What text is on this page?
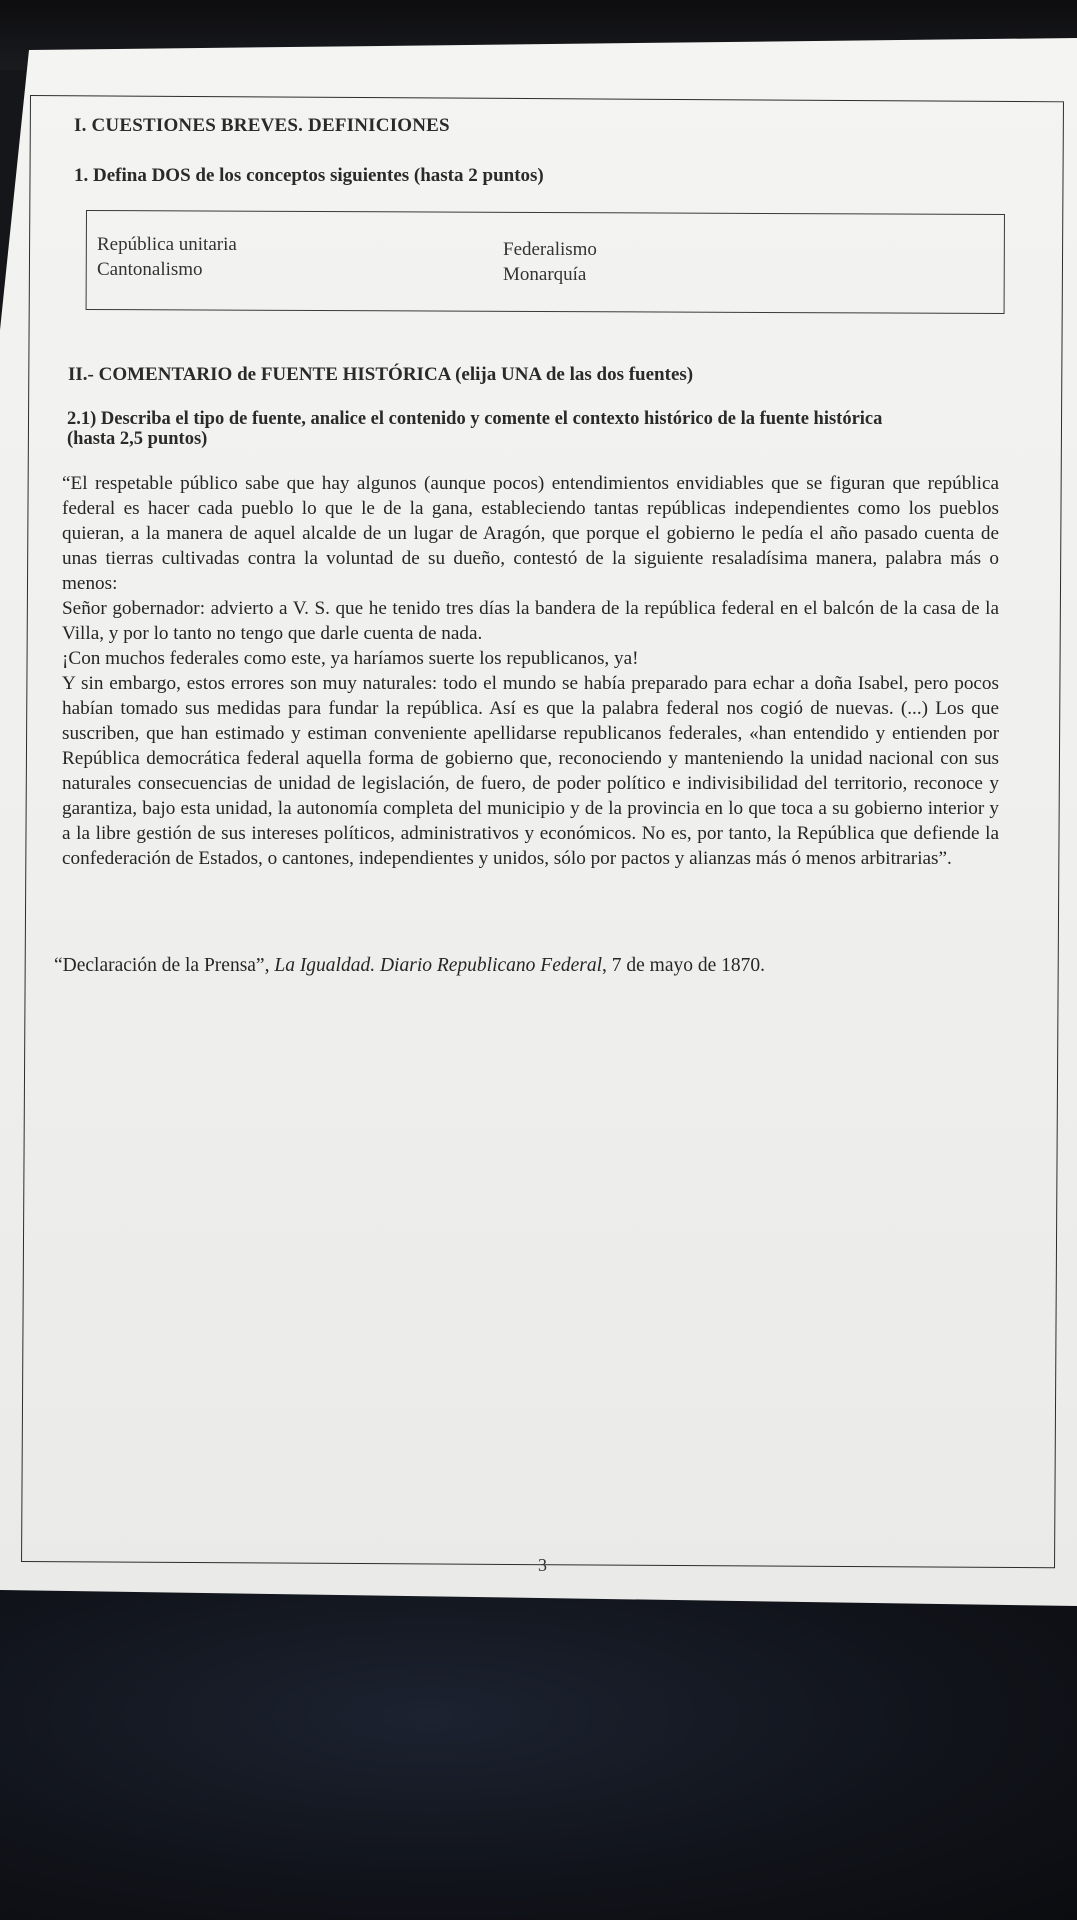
I. CUESTIONES BREVES. DEFINICIONES
1. Defina DOS de los conceptos siguientes (hasta 2 puntos)
República unitaria
Cantonalismo
Federalismo
Monarquía
II.- COMENTARIO de FUENTE HISTÓRICA (elija UNA de las dos fuentes)
2.1) Describa el tipo de fuente, analice el contenido y comente el contexto histórico de la fuente histórica
(hasta 2,5 puntos)

“El respetable público sabe que hay algunos (aunque pocos) entendimientos envidiables que se figuran que república federal es hacer cada pueblo lo que le de la gana, estableciendo tantas repúblicas independientes como los pueblos quieran, a la manera de aquel alcalde de un lugar de Aragón, que porque el gobierno le pedía el año pasado cuenta de unas tierras cultivadas contra la voluntad de su dueño, contestó de la siguiente resaladísima manera, palabra más o menos:

Señor gobernador: advierto a V. S. que he tenido tres días la bandera de la república federal en el balcón de la casa de la Villa, y por lo tanto no tengo que darle cuenta de nada.

¡Con muchos federales como este, ya haríamos suerte los republicanos, ya!

Y sin embargo, estos errores son muy naturales: todo el mundo se había preparado para echar a doña Isabel, pero pocos habían tomado sus medidas para fundar la república. Así es que la palabra federal nos cogió de nuevas. (...) Los que suscriben, que han estimado y estiman conveniente apellidarse republicanos federales, «han entendido y entienden por República democrática federal aquella forma de gobierno que, reconociendo y manteniendo la unidad nacional con sus naturales consecuencias de unidad de legislación, de fuero, de poder político e indivisibilidad del territorio, reconoce y garantiza, bajo esta unidad, la autonomía completa del municipio y de la provincia en lo que toca a su gobierno interior y a la libre gestión de sus intereses políticos, administrativos y económicos. No es, por tanto, la República que defiende la confederación de Estados, o cantones, independientes y unidos, sólo por pactos y alianzas más ó menos arbitrarias”.

“Declaración de la Prensa”, La Igualdad. Diario Republicano Federal, 7 de mayo de 1870.
3
